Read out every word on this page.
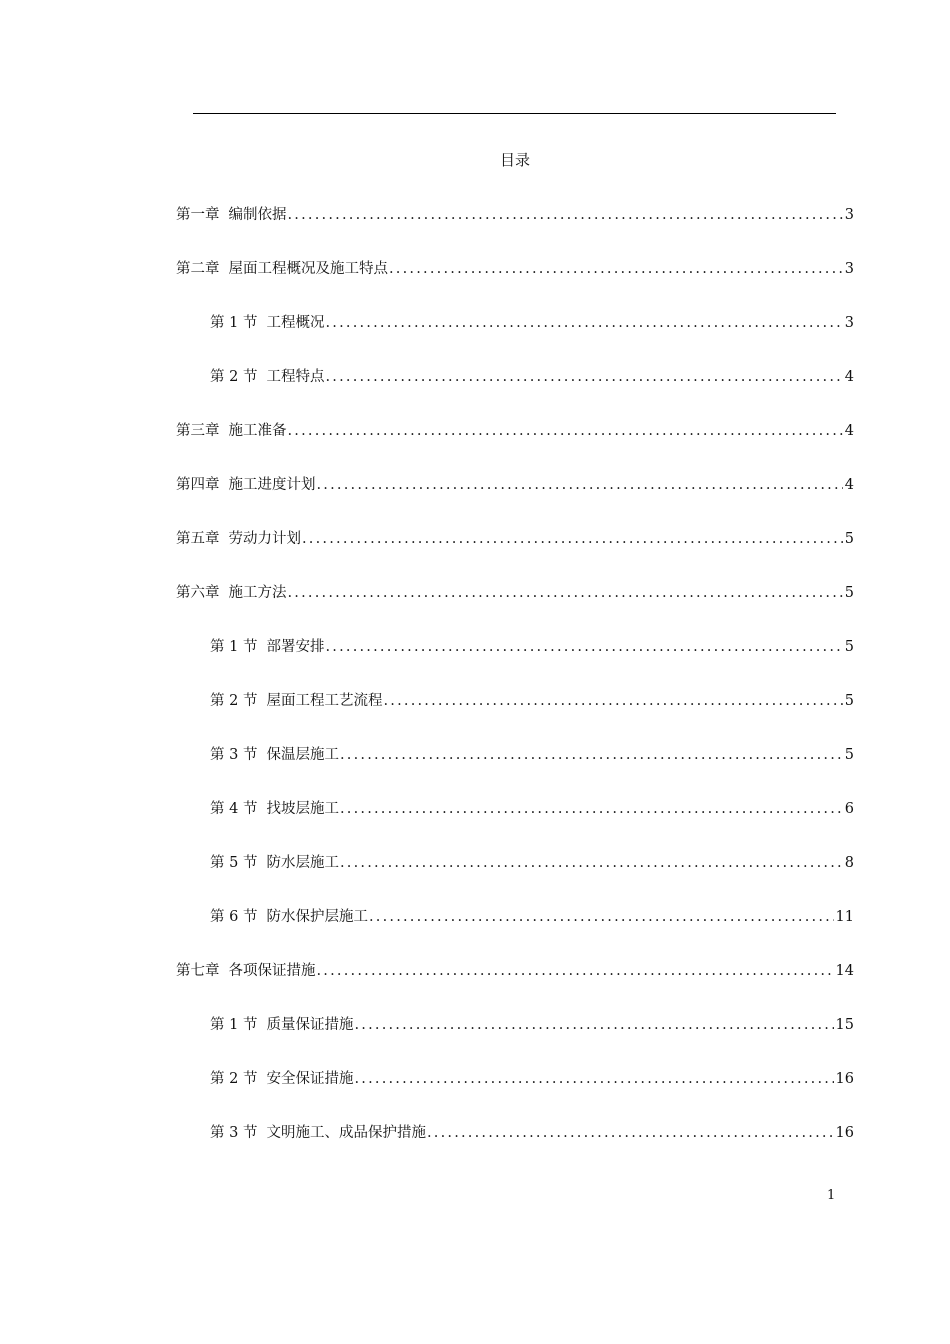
目录
第一章 编制依据 .....	3
第二章 屋面工程概况及施工特点 .....	3
第 1 节 工程概况 .....	3
第 2 节 工程特点 .....	4
第三章 施工准备 .....	4
第四章 施工进度计划 .....	4
第五章 劳动力计划 .....	5
第六章 施工方法 .....	5
第 1 节 部署安排 .....	5
第 2 节 屋面工程工艺流程 .....	5
第 3 节 保温层施工 .....	5
第 4 节 找坡层施工 .....	6
第 5 节 防水层施工 .....	8
第 6 节 防水保护层施工 .....	11
第七章 各项保证措施 .....	14
第 1 节 质量保证措施 .....	15
第 2 节 安全保证措施 .....	16
第 3 节 文明施工、成品保护措施 .....	16
1
